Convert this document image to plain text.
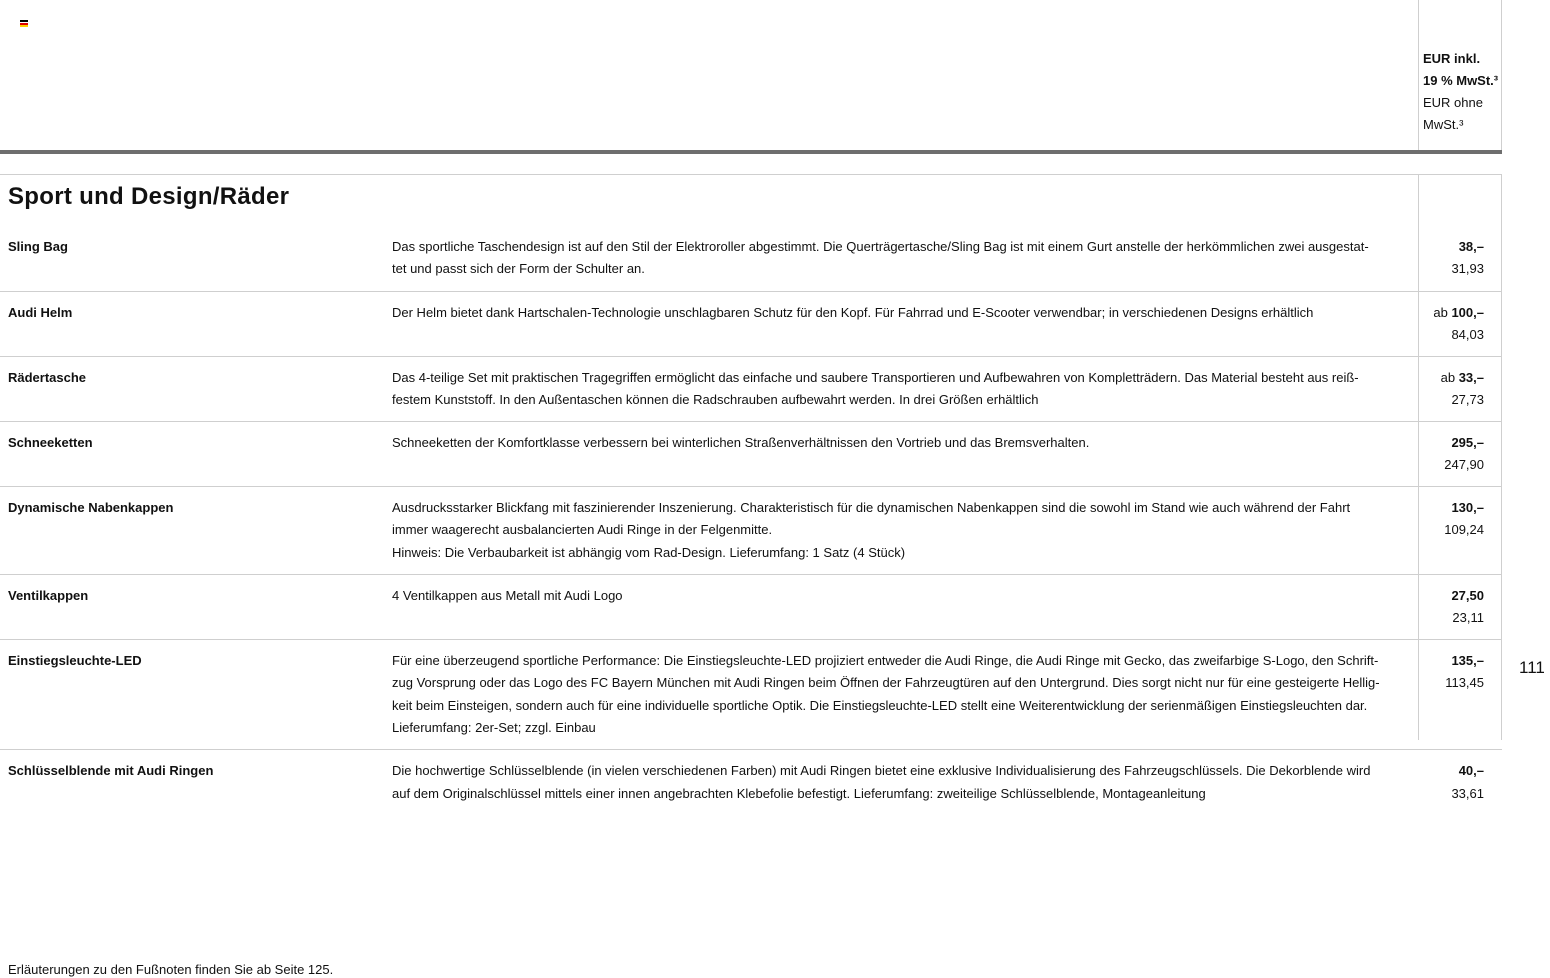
EUR inkl.
19 % MwSt.³
EUR ohne
MwSt.³
Sport und Design/Räder
Sling Bag	Das sportliche Taschendesign ist auf den Stil der Elektroroller abgestimmt. Die Querträgertasche/Sling Bag ist mit einem Gurt anstelle der herkömmlichen zwei ausgestat-
tet und passt sich der Form der Schulter an.
38,–
31,93
Audi Helm	Der Helm bietet dank Hartschalen-Technologie unschlagbaren Schutz für den Kopf. Für Fahrrad und E-Scooter verwendbar; in verschiedenen Designs erhältlich	ab 100,–
84,03
Rädertasche	Das 4-teilige Set mit praktischen Tragegriffen ermöglicht das einfache und saubere Transportieren und Aufbewahren von Kompletträdern. Das Material besteht aus reiß-
festem Kunststoff. In den Außentaschen können die Radschrauben aufbewahrt werden. In drei Größen erhältlich
ab 33,–
27,73
Schneeketten	Schneeketten der Komfortklasse verbessern bei winterlichen Straßenverhältnissen den Vortrieb und das Bremsverhalten.	295,–
247,90
Dynamische Nabenkappen	Ausdrucksstarker Blickfang mit faszinierender Inszenierung. Charakteristisch für die dynamischen Nabenkappen sind die sowohl im Stand wie auch während der Fahrt
immer waagerecht ausbalancierten Audi Ringe in der Felgenmitte.
Hinweis: Die Verbaubarkeit ist abhängig vom Rad-Design. Lieferumfang: 1 Satz (4 Stück)
130,–
109,24
Ventilkappen	4 Ventilkappen aus Metall mit Audi Logo	27,50
23,11
Einstiegsleuchte-LED	Für eine überzeugend sportliche Performance: Die Einstiegsleuchte-LED projiziert entweder die Audi Ringe, die Audi Ringe mit Gecko, das zweifarbige S-Logo, den Schrift-
zug Vorsprung oder das Logo des FC Bayern München mit Audi Ringen beim Öffnen der Fahrzeugtüren auf den Untergrund. Dies sorgt nicht nur für eine gesteigerte Hellig-
keit beim Einsteigen, sondern auch für eine individuelle sportliche Optik. Die Einstiegsleuchte-LED stellt eine Weiterentwicklung der serienmäßigen Einstiegsleuchten dar.
Lieferumfang: 2er-Set; zzgl. Einbau
135,–
113,45
Schlüsselblende mit Audi Ringen	Die hochwertige Schlüsselblende (in vielen verschiedenen Farben) mit Audi Ringen bietet eine exklusive Individualisierung des Fahrzeugschlüssels. Die Dekorblende wird
auf dem Originalschlüssel mittels einer innen angebrachten Klebefolie befestigt. Lieferumfang: zweiteilige Schlüsselblende, Montageanleitung
40,–
33,61
111
Erläuterungen zu den Fußnoten finden Sie ab Seite 125.
